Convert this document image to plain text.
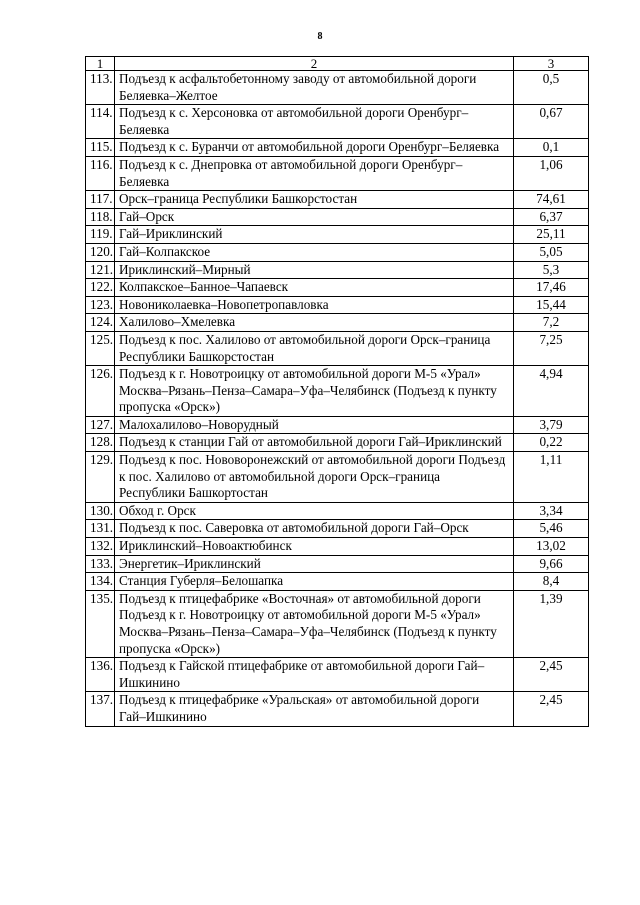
8
1	2	3
113.	Подъезд к асфальтобетонному заводу от автомобильной дороги Беляевка–Желтое	0,5
114.	Подъезд к с. Херсоновка от автомобильной дороги Оренбург–Беляевка	0,67
115.	Подъезд к с. Буранчи от автомобильной дороги Оренбург–Беляевка	0,1
116.	Подъезд к с. Днепровка от автомобильной дороги Оренбург–Беляевка	1,06
117.	Орск–граница Республики Башкорстостан	74,61
118.	Гай–Орск	6,37
119.	Гай–Ириклинский	25,11
120.	Гай–Колпакское	5,05
121.	Ириклинский–Мирный	5,3
122.	Колпакское–Банное–Чапаевск	17,46
123.	Новониколаевка–Новопетропавловка	15,44
124.	Халилово–Хмелевка	7,2
125.	Подъезд к пос. Халилово от автомобильной дороги Орск–граница Республики Башкорстостан	7,25
126.	Подъезд к г. Новотроицку от автомобильной дороги М-5 «Урал» Москва–Рязань–Пенза–Самара–Уфа–Челябинск (Подъезд к пункту пропуска «Орск»)	4,94
127.	Малохалилово–Новорудный	3,79
128.	Подъезд к станции Гай от автомобильной дороги Гай–Ириклинский	0,22
129.	Подъезд к пос. Нововоронежский от автомобильной дороги Подъезд к пос. Халилово от автомобильной дороги Орск–граница Республики Башкортостан	1,11
130.	Обход г. Орск	3,34
131.	Подъезд к пос. Саверовка от автомобильной дороги Гай–Орск	5,46
132.	Ириклинский–Новоактюбинск	13,02
133.	Энергетик–Ириклинский	9,66
134.	Станция Губерля–Белошапка	8,4
135.	Подъезд к птицефабрике «Восточная» от автомобильной дороги Подъезд к г. Новотроицку от автомобильной дороги М-5 «Урал» Москва–Рязань–Пенза–Самара–Уфа–Челябинск (Подъезд к пункту пропуска «Орск»)	1,39
136.	Подъезд к Гайской птицефабрике от автомобильной дороги Гай–Ишкинино	2,45
137.	Подъезд к птицефабрике «Уральская» от автомобильной дороги Гай–Ишкинино	2,45
